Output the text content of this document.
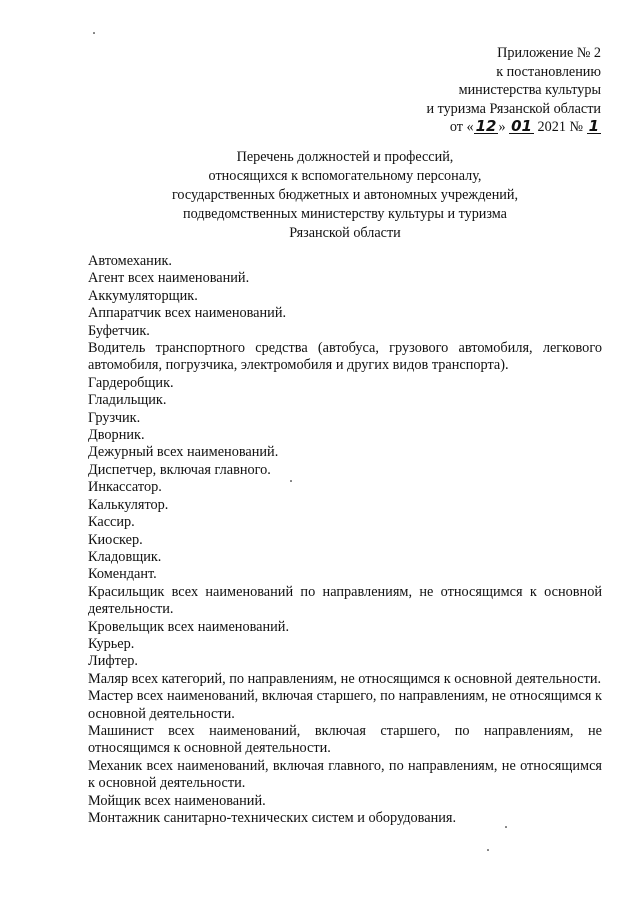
Приложение № 2
к постановлению
министерства культуры
и туризма Рязанской области
от « 12 » 01 2021 № 1
Перечень должностей и профессий,
относящихся к вспомогательному персоналу,
государственных бюджетных и автономных учреждений,
подведомственных министерству культуры и туризма
Рязанской области
Автомеханик.
Агент всех наименований.
Аккумуляторщик.
Аппаратчик всех наименований.
Буфетчик.
Водитель транспортного средства (автобуса, грузового автомобиля, легкового автомобиля, погрузчика, электромобиля и других видов транспорта).
Гардеробщик.
Гладильщик.
Грузчик.
Дворник.
Дежурный всех наименований.
Диспетчер, включая главного.
Инкассатор.
Калькулятор.
Кассир.
Киоскер.
Кладовщик.
Комендант.
Красильщик всех наименований по направлениям, не относящимся к основной деятельности.
Кровельщик всех наименований.
Курьер.
Лифтер.
Маляр всех категорий, по направлениям, не относящимся к основной деятельности.
Мастер всех наименований, включая старшего, по направлениям, не относящимся к основной деятельности.
Машинист всех наименований, включая старшего, по направлениям, не относящимся к основной деятельности.
Механик всех наименований, включая главного, по направлениям, не относящимся к основной деятельности.
Мойщик всех наименований.
Монтажник санитарно-технических систем и оборудования.
